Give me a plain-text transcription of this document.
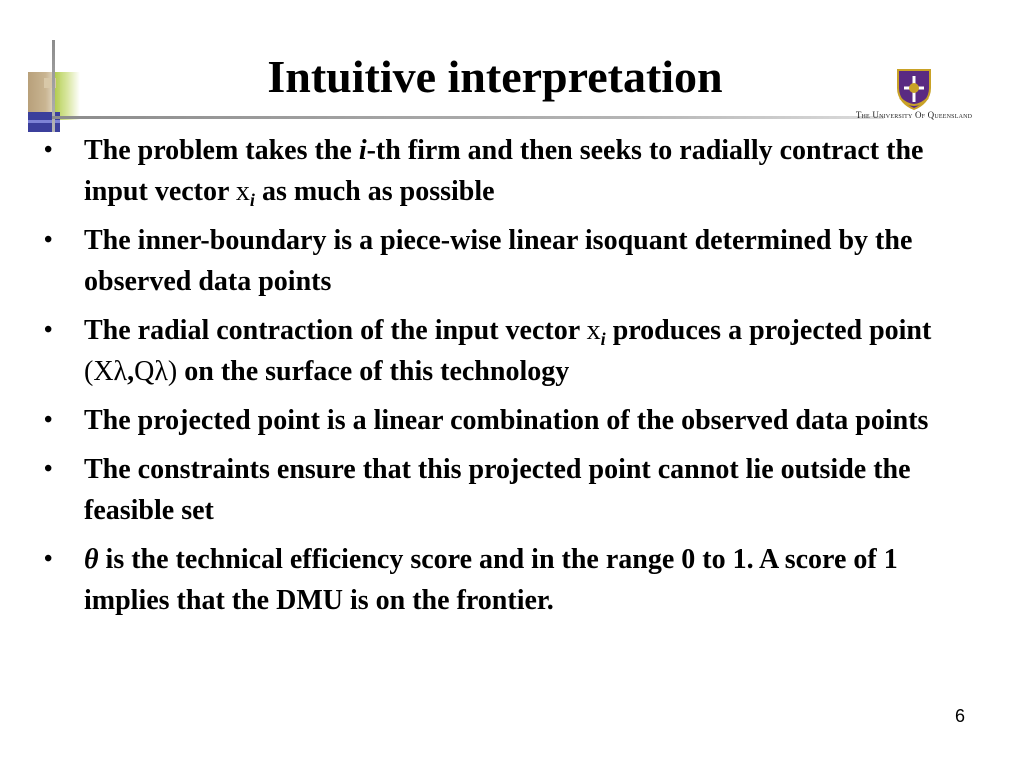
Intuitive interpretation
The University Of Queensland
•	The problem takes the i-th firm and then seeks to radially contract the input vector $x_i$ as much as possible
•	The inner-boundary is a piece-wise linear isoquant determined by the observed data points
•	The radial contraction of the input vector $x_i$ produces a projected point (Xλ,Qλ) on the surface of this technology
•	The projected point is a linear combination of the observed data points
•	The constraints ensure that this projected point cannot lie outside the feasible set
•	θ is the technical efficiency score and in the range 0 to 1. A score of 1 implies that the DMU is on the frontier.
6
